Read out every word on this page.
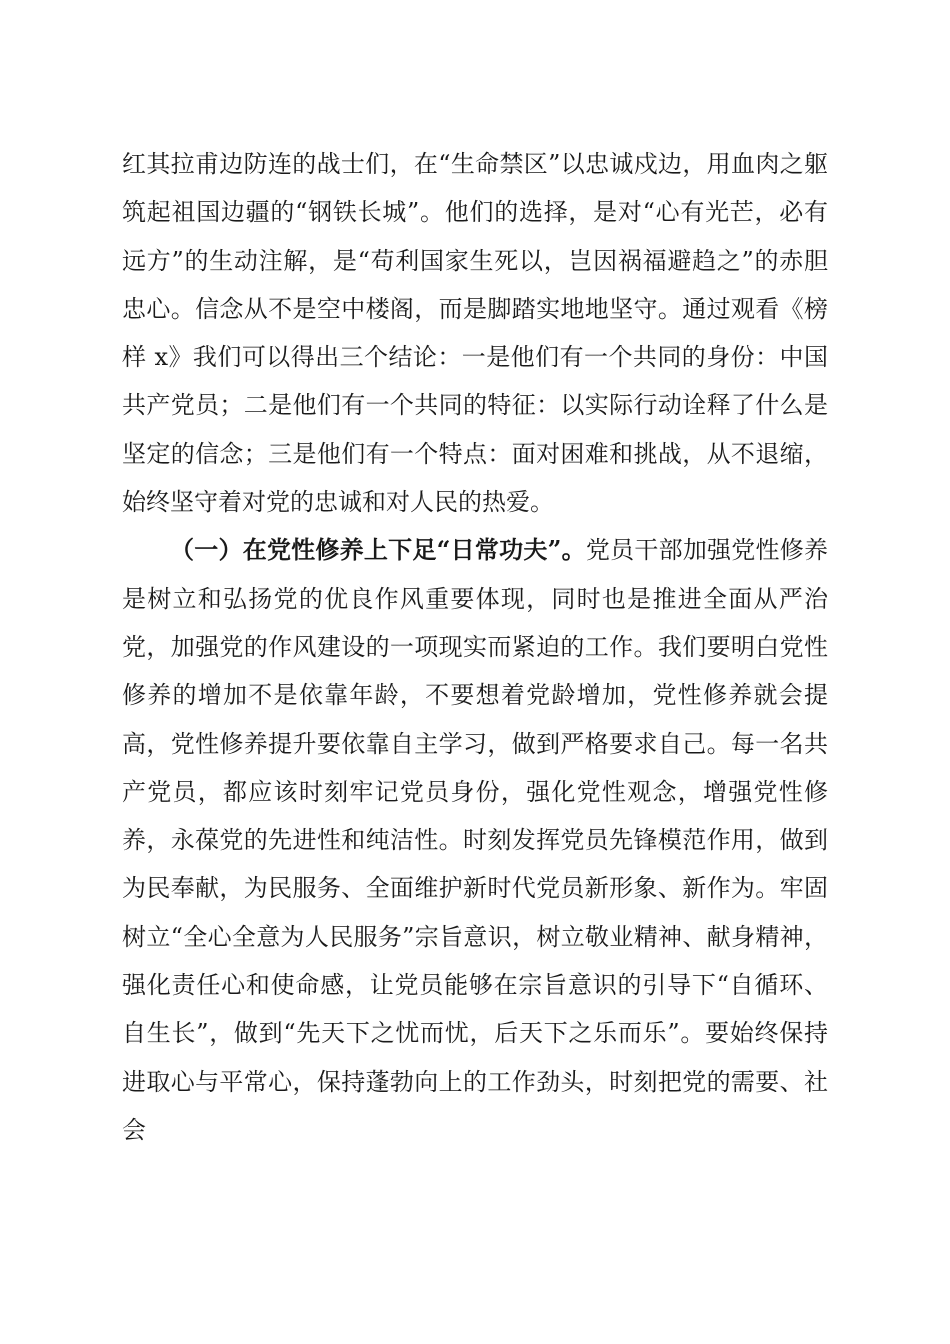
红其拉甫边防连的战士们，在“生命禁区”以忠诚戍边，用血肉之躯筑起祖国边疆的“钢铁长城”。他们的选择，是对“心有光芒，必有远方”的生动注解，是“苟利国家生死以，岂因祸福避趋之”的赤胆忠心。信念从不是空中楼阁，而是脚踏实地地坚守。通过观看《榜样 x》我们可以得出三个结论：一是他们有一个共同的身份：中国共产党员；二是他们有一个共同的特征：以实际行动诠释了什么是坚定的信念；三是他们有一个特点：面对困难和挑战，从不退缩，始终坚守着对党的忠诚和对人民的热爱。

（一）在党性修养上下足“日常功夫”。党员干部加强党性修养是树立和弘扬党的优良作风重要体现，同时也是推进全面从严治党，加强党的作风建设的一项现实而紧迫的工作。我们要明白党性修养的增加不是依靠年龄，不要想着党龄增加，党性修养就会提高，党性修养提升要依靠自主学习，做到严格要求自己。每一名共产党员，都应该时刻牢记党员身份，强化党性观念，增强党性修养，永葆党的先进性和纯洁性。时刻发挥党员先锋模范作用，做到为民奉献，为民服务、全面维护新时代党员新形象、新作为。牢固树立“全心全意为人民服务”宗旨意识，树立敬业精神、献身精神，强化责任心和使命感，让党员能够在宗旨意识的引导下“自循环、自生长”，做到“先天下之忧而忧，后天下之乐而乐”。要始终保持进取心与平常心，保持蓬勃向上的工作劲头，时刻把党的需要、社会
